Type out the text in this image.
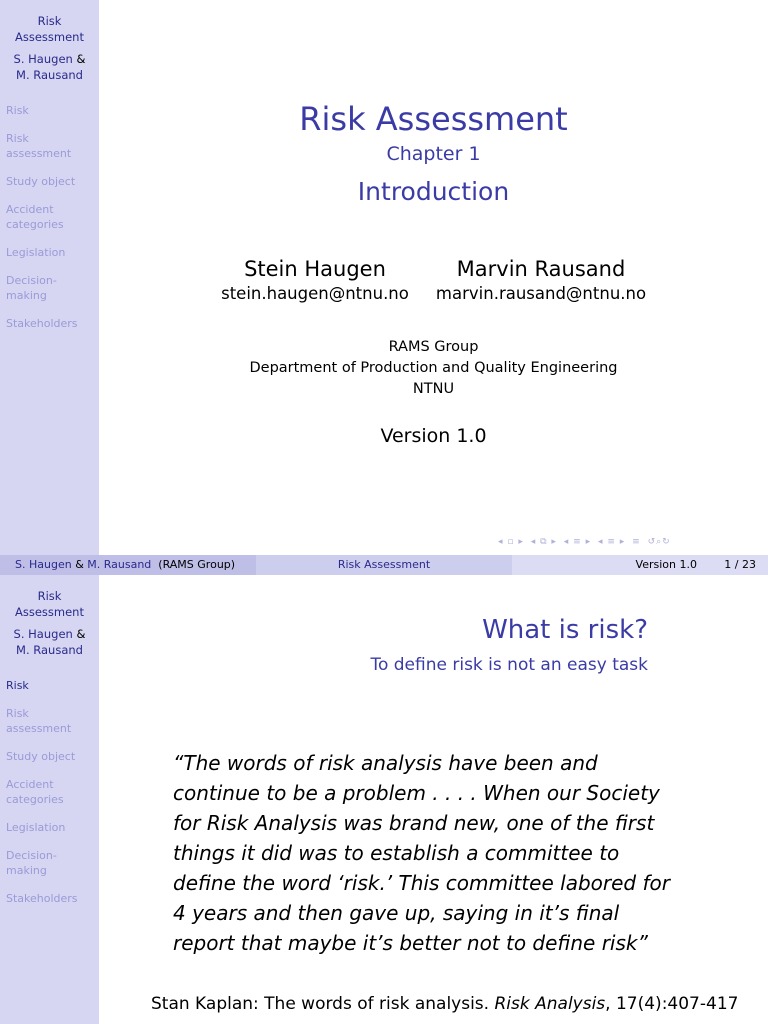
Risk
Assessment
S. Haugen &
M. Rausand
Risk
Risk
assessment
Study object
Accident
categories
Legislation
Decision-
making
Stakeholders
Risk Assessment
Chapter 1
Introduction
Stein Haugen
stein.haugen@ntnu.no
Marvin Rausand
marvin.rausand@ntnu.no
RAMS Group
Department of Production and Quality Engineering
NTNU
Version 1.0
◂ ▫ ▸ ◂ ⧉ ▸ ◂ ≡ ▸ ◂ ≡ ▸ ≡ ↺⌕↻
S. Haugen & M. Rausand (RAMS Group)	Risk Assessment	Version 1.0 1 / 23
Risk
Assessment
S. Haugen &
M. Rausand
Risk
Risk
assessment
Study object
Accident
categories
Legislation
Decision-
making
Stakeholders
What is risk?
To define risk is not an easy task
“The words of risk analysis have been and
continue to be a problem . . . . When our Society
for Risk Analysis was brand new, one of the first
things it did was to establish a committee to
define the word ‘risk.’ This committee labored for
4 years and then gave up, saying in it’s final
report that maybe it’s better not to define risk”
Stan Kaplan: The words of risk analysis. Risk Analysis, 17(4):407-417
